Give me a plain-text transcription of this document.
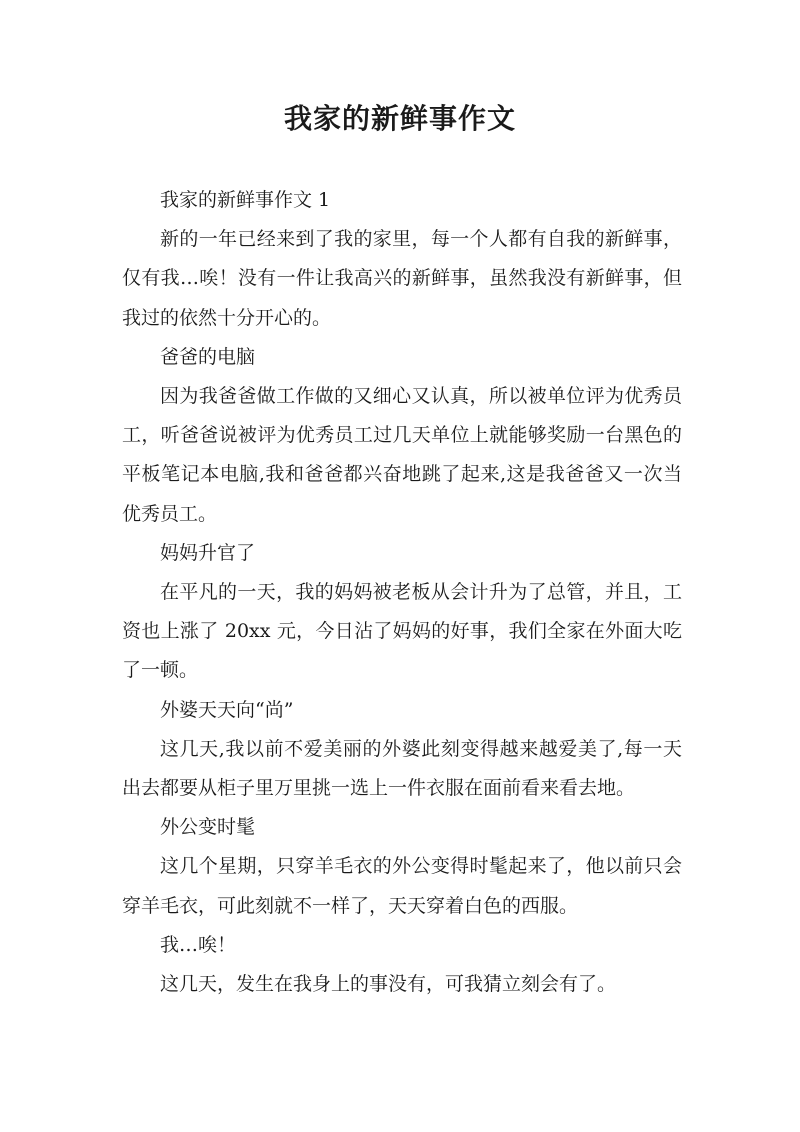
我家的新鲜事作文

我家的新鲜事作文 1

新的一年已经来到了我的家里，每一个人都有自我的新鲜事，仅有我…唉！没有一件让我高兴的新鲜事，虽然我没有新鲜事，但我过的依然十分开心的。

爸爸的电脑

因为我爸爸做工作做的又细心又认真，所以被单位评为优秀员工，听爸爸说被评为优秀员工过几天单位上就能够奖励一台黑色的平板笔记本电脑,我和爸爸都兴奋地跳了起来,这是我爸爸又一次当优秀员工。

妈妈升官了

在平凡的一天，我的妈妈被老板从会计升为了总管，并且，工资也上涨了 20xx 元，今日沾了妈妈的好事，我们全家在外面大吃了一顿。

外婆天天向“尚”

这几天,我以前不爱美丽的外婆此刻变得越来越爱美了,每一天出去都要从柜子里万里挑一选上一件衣服在面前看来看去地。

外公变时髦

这几个星期，只穿羊毛衣的外公变得时髦起来了，他以前只会穿羊毛衣，可此刻就不一样了，天天穿着白色的西服。

我…唉！

这几天，发生在我身上的事没有，可我猜立刻会有了。
